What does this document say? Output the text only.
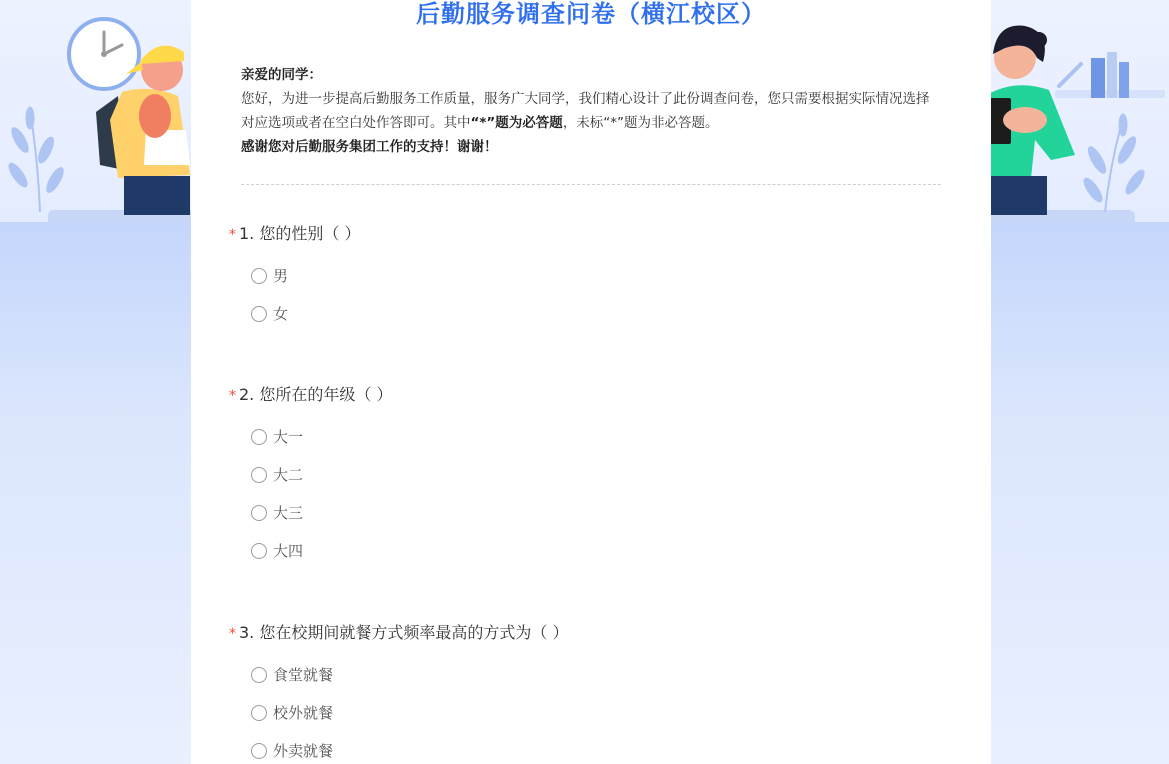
后勤服务调查问卷（横江校区）

亲爱的同学：

您好，为进一步提高后勤服务工作质量，服务广大同学，我们精心设计了此份调查问卷，您只需要根据实际情况选择对应选项或者在空白处作答即可。其中“*”题为必答题，未标“*”题为非必答题。

感谢您对后勤服务集团工作的支持！谢谢！

* 1. 您的性别（ ）
男
女
* 2. 您所在的年级（ ）
大一
大二
大三
大四
* 3. 您在校期间就餐方式频率最高的方式为（ ）
食堂就餐
校外就餐
外卖就餐
